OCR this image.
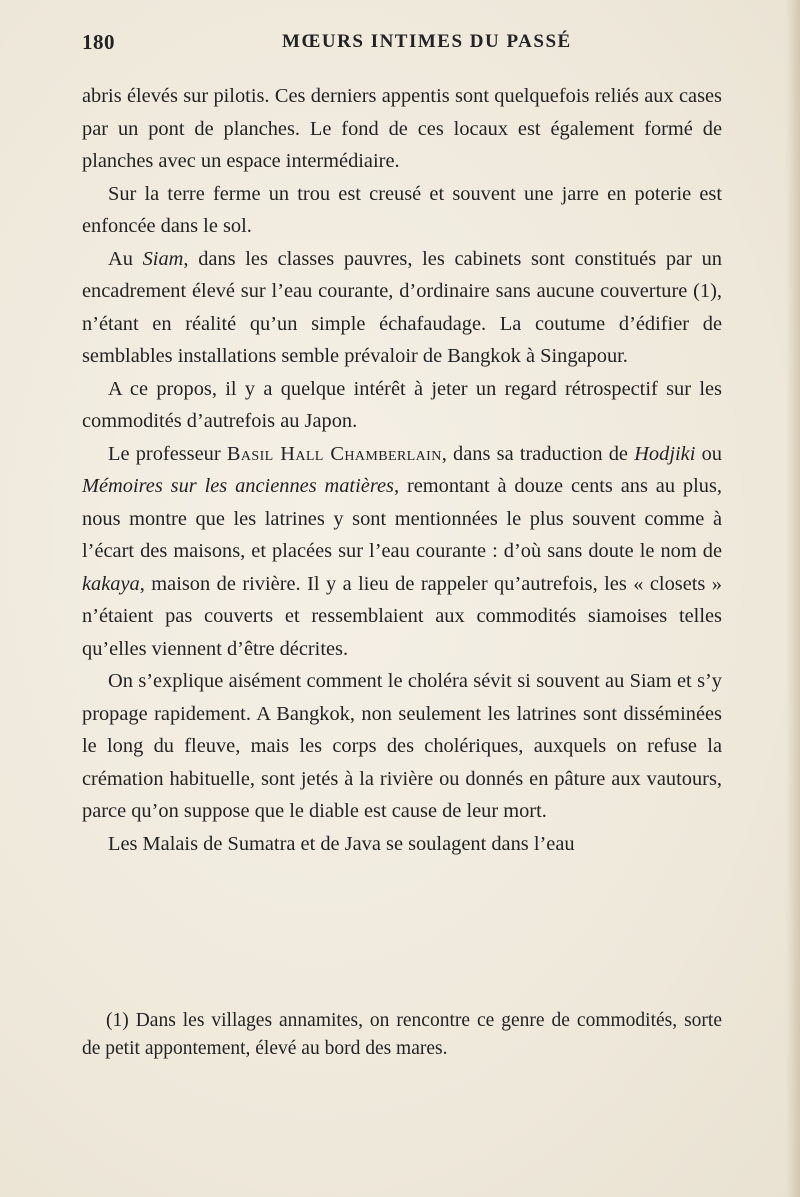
180	MŒURS INTIMES DU PASSÉ

abris élevés sur pilotis. Ces derniers appentis sont quelquefois reliés aux cases par un pont de planches. Le fond de ces locaux est également formé de planches avec un espace intermédiaire.

Sur la terre ferme un trou est creusé et souvent une jarre en poterie est enfoncée dans le sol.

Au Siam, dans les classes pauvres, les cabinets sont constitués par un encadrement élevé sur l’eau courante, d’ordinaire sans aucune couverture (1), n’étant en réalité qu’un simple échafaudage. La coutume d’édifier de semblables installations semble prévaloir de Bangkok à Singapour.

A ce propos, il y a quelque intérêt à jeter un regard rétrospectif sur les commodités d’autrefois au Japon.

Le professeur Basil Hall Chamberlain, dans sa traduction de Hodjiki ou Mémoires sur les anciennes matières, remontant à douze cents ans au plus, nous montre que les latrines y sont mentionnées le plus souvent comme à l’écart des maisons, et placées sur l’eau courante : d’où sans doute le nom de kakaya, maison de rivière. Il y a lieu de rappeler qu’autrefois, les « closets » n’étaient pas couverts et ressemblaient aux commodités siamoises telles qu’elles viennent d’être décrites.

On s’explique aisément comment le choléra sévit si souvent au Siam et s’y propage rapidement. A Bangkok, non seulement les latrines sont disséminées le long du fleuve, mais les corps des cholériques, auxquels on refuse la crémation habituelle, sont jetés à la rivière ou donnés en pâture aux vautours, parce qu’on suppose que le diable est cause de leur mort.

Les Malais de Sumatra et de Java se soulagent dans l’eau

(1) Dans les villages annamites, on rencontre ce genre de commodités, sorte de petit appontement, élevé au bord des mares.
